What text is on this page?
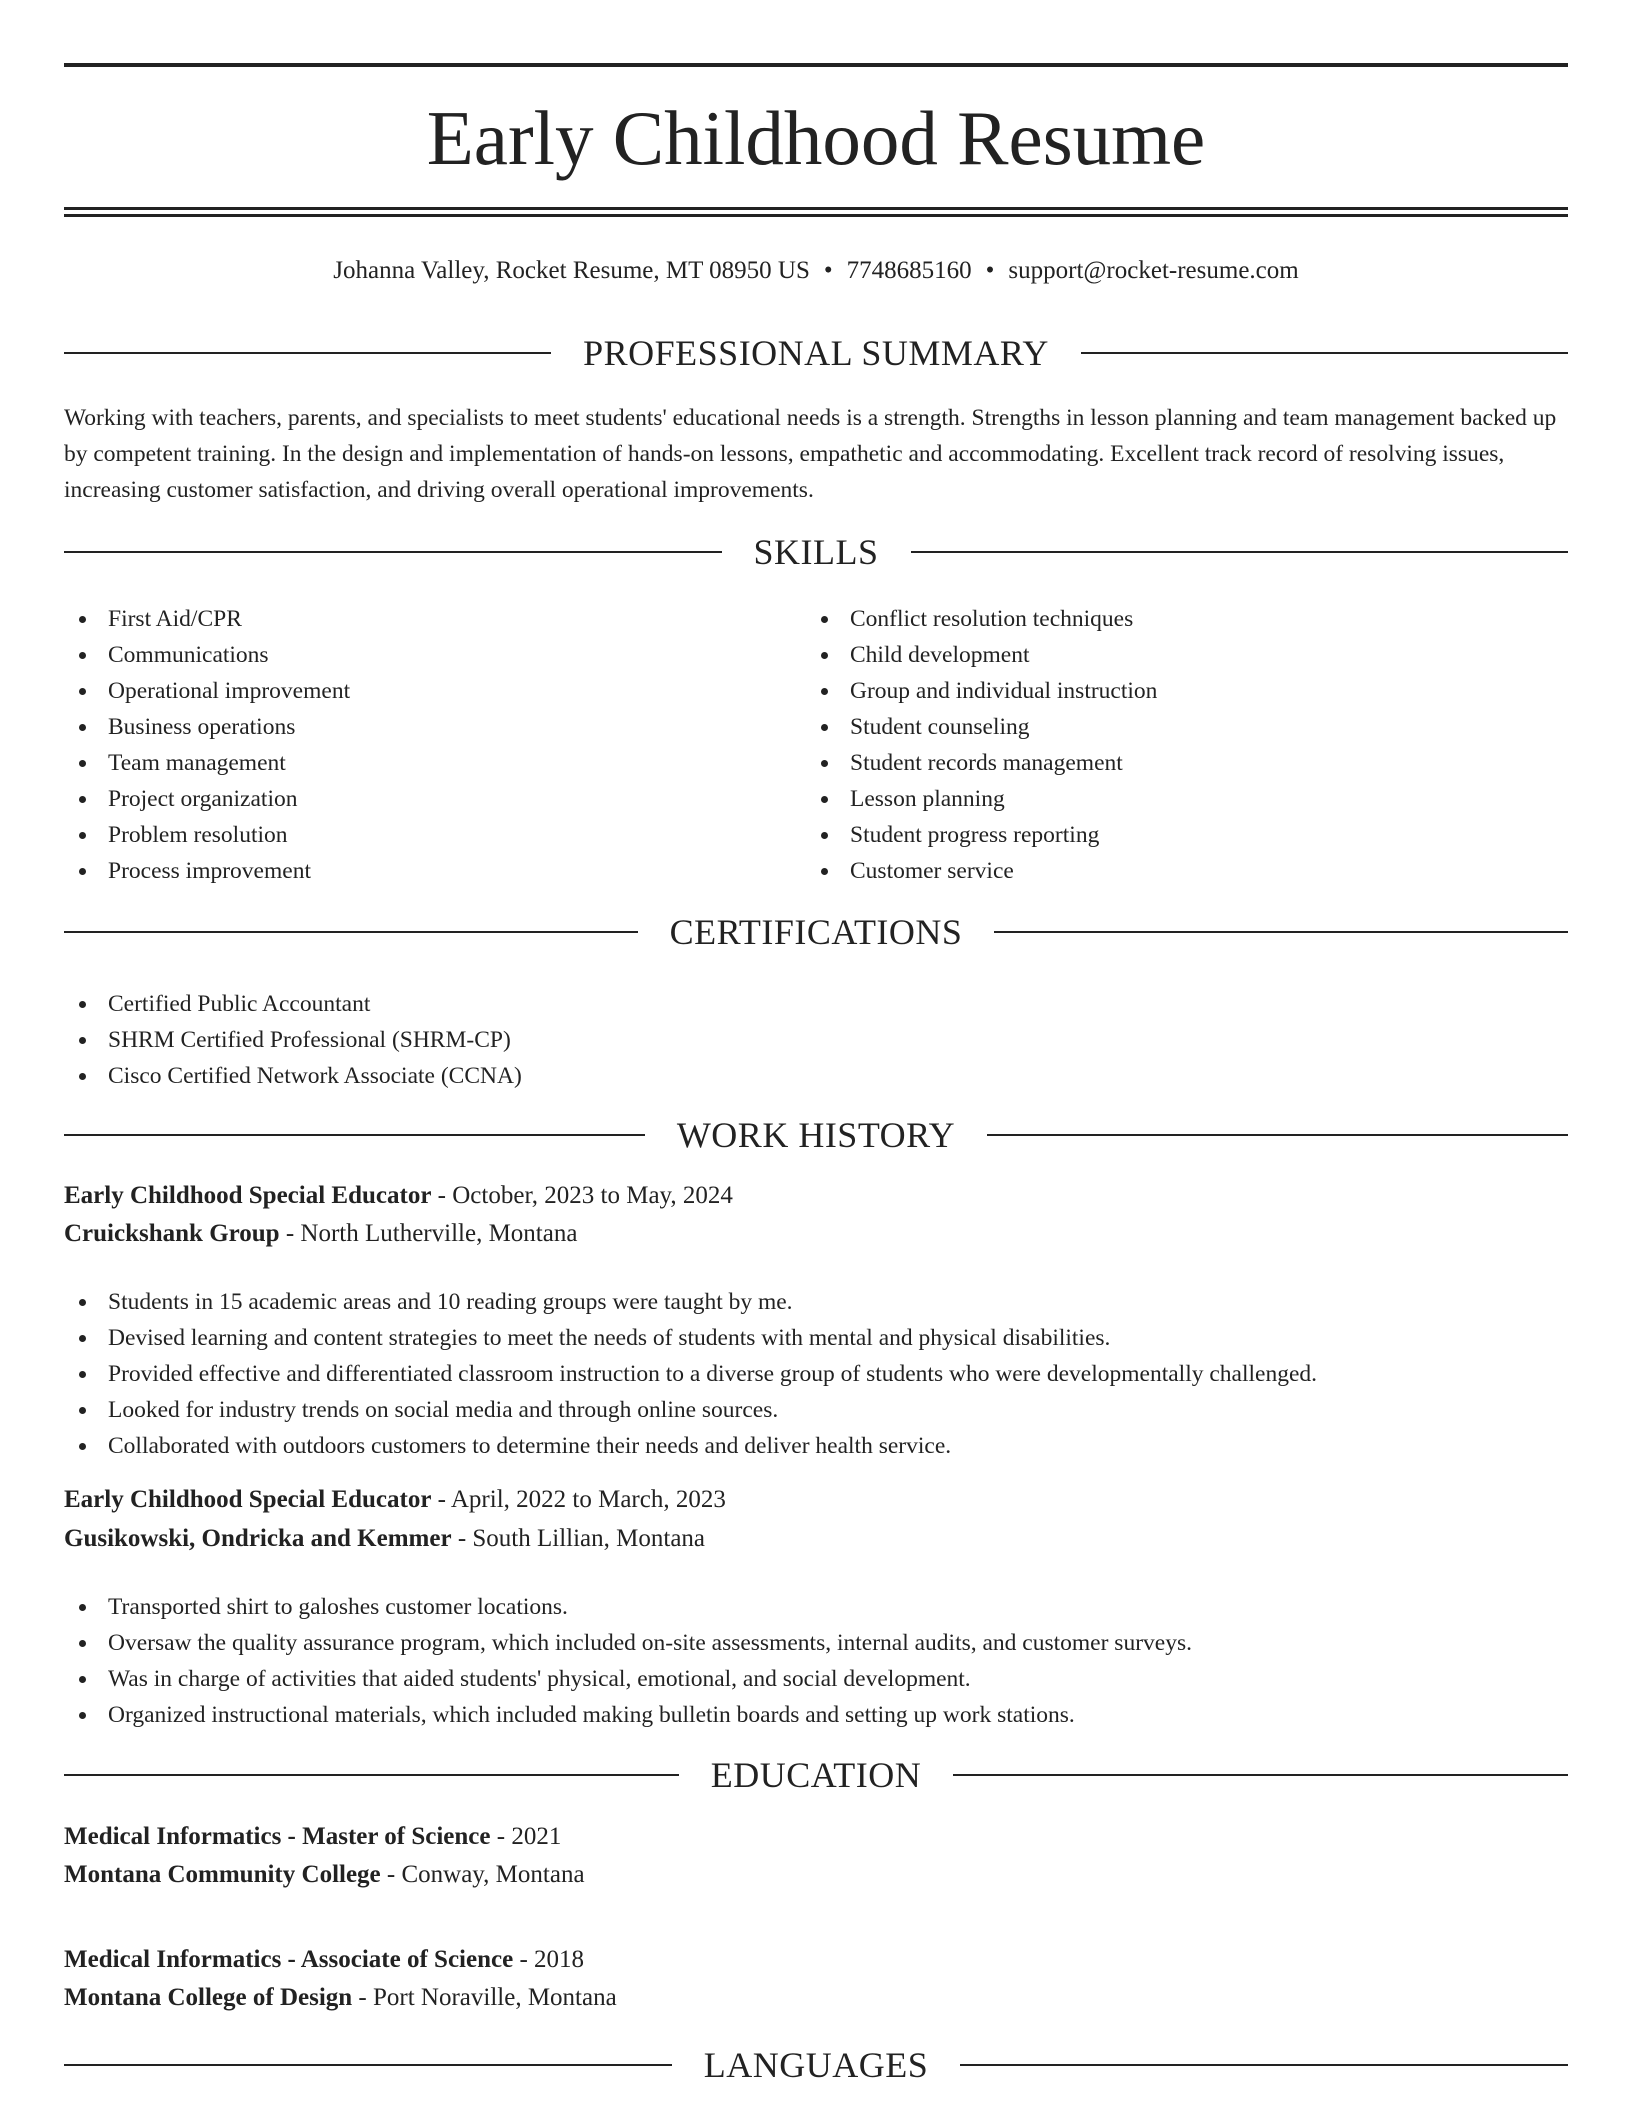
Early Childhood Resume
Johanna Valley, Rocket Resume, MT 08950 US • 7748685160 • support@rocket-resume.com
PROFESSIONAL SUMMARY

Working with teachers, parents, and specialists to meet students' educational needs is a strength. Strengths in lesson planning and team management backed up by competent training. In the design and implementation of hands-on lessons, empathetic and accommodating. Excellent track record of resolving issues, increasing customer satisfaction, and driving overall operational improvements.

SKILLS
First Aid/CPR
Communications
Operational improvement
Business operations
Team management
Project organization
Problem resolution
Process improvement
Conflict resolution techniques
Child development
Group and individual instruction
Student counseling
Student records management
Lesson planning
Student progress reporting
Customer service
CERTIFICATIONS
Certified Public Accountant
SHRM Certified Professional (SHRM-CP)
Cisco Certified Network Associate (CCNA)
WORK HISTORY
Early Childhood Special Educator - October, 2023 to May, 2024
Cruickshank Group - North Lutherville, Montana
Students in 15 academic areas and 10 reading groups were taught by me.
Devised learning and content strategies to meet the needs of students with mental and physical disabilities.
Provided effective and differentiated classroom instruction to a diverse group of students who were developmentally challenged.
Looked for industry trends on social media and through online sources.
Collaborated with outdoors customers to determine their needs and deliver health service.
Early Childhood Special Educator - April, 2022 to March, 2023
Gusikowski, Ondricka and Kemmer - South Lillian, Montana
Transported shirt to galoshes customer locations.
Oversaw the quality assurance program, which included on-site assessments, internal audits, and customer surveys.
Was in charge of activities that aided students' physical, emotional, and social development.
Organized instructional materials, which included making bulletin boards and setting up work stations.
EDUCATION
Medical Informatics - Master of Science - 2021
Montana Community College - Conway, Montana
Medical Informatics - Associate of Science - 2018
Montana College of Design - Port Noraville, Montana
LANGUAGES
